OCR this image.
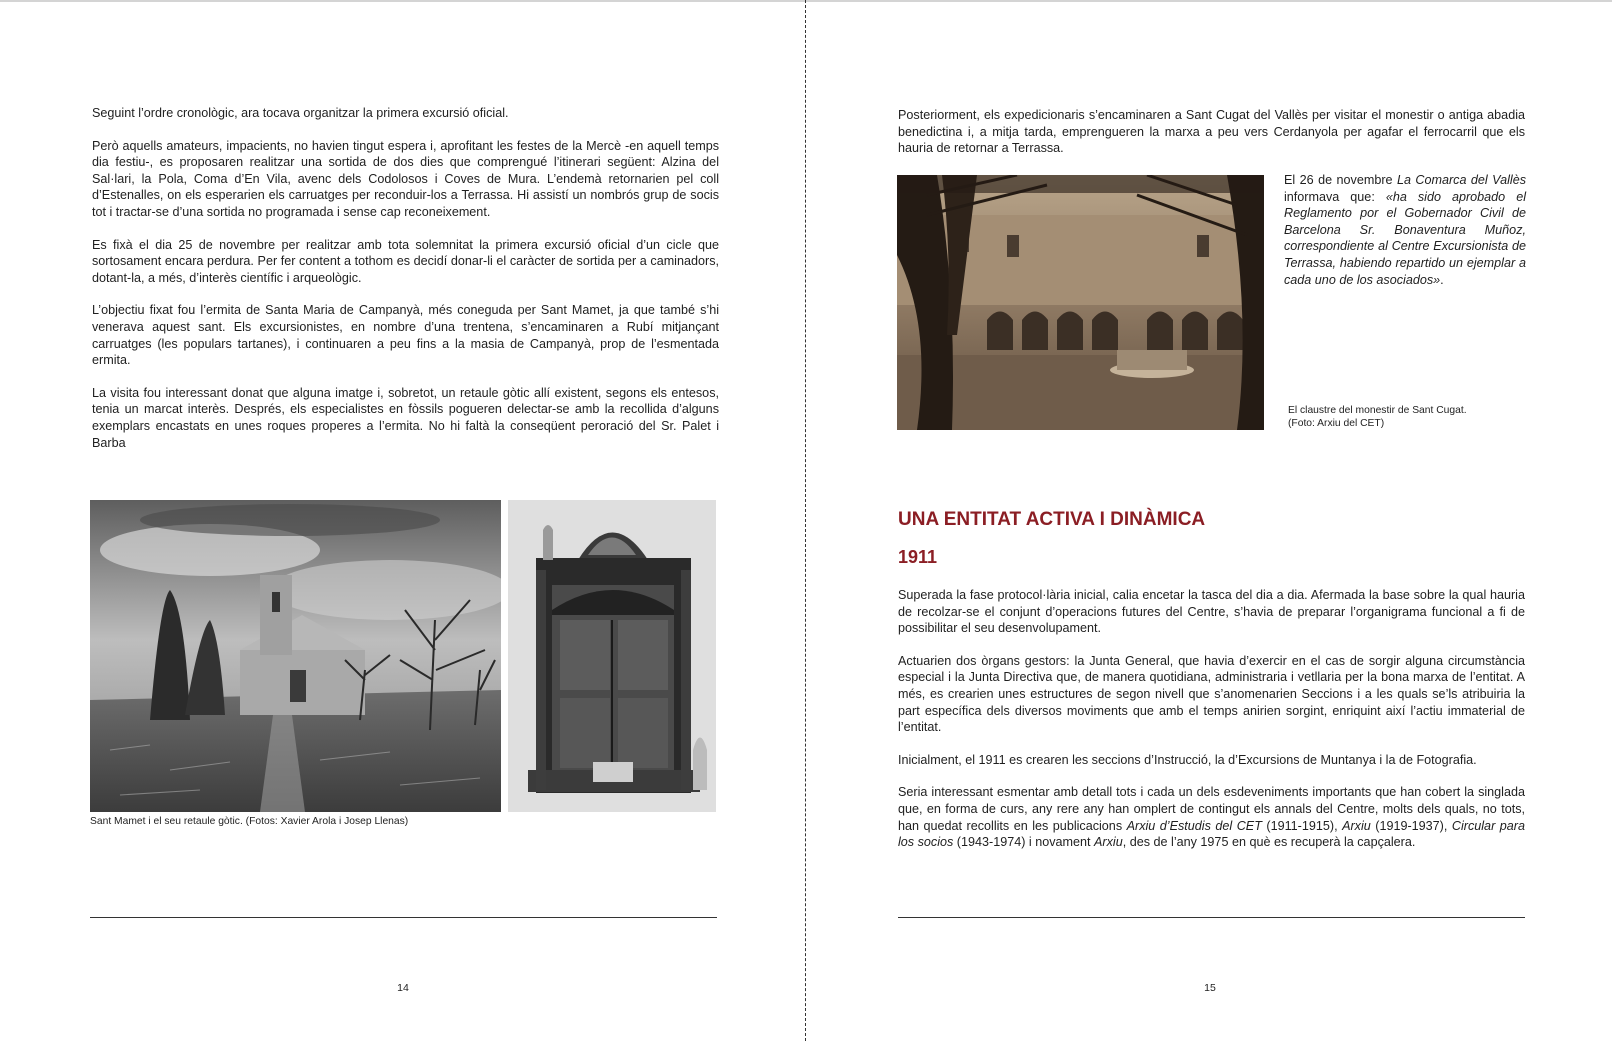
Seguint l’ordre cronològic, ara tocava organitzar la primera excursió oficial.

Però aquells amateurs, impacients, no havien tingut espera i, aprofitant les festes de la Mercè -en aquell temps dia festiu-, es proposaren realitzar una sortida de dos dies que comprengué l’itinerari següent: Alzina del Sal·lari, la Pola, Coma d’En Vila, avenc dels Codolosos i Coves de Mura. L’endemà retornarien pel coll d’Estenalles, on els esperarien els carruatges per reconduir-los a Terrassa. Hi assistí un nombrós grup de socis tot i tractar-se d’una sortida no programada i sense cap reconeixement.

Es fixà el dia 25 de novembre per realitzar amb tota solemnitat la primera excursió oficial d’un cicle que sortosament encara perdura. Per fer content a tothom es decidí donar-li el caràcter de sortida per a caminadors, dotant-la, a més, d’interès científic i arqueològic.

L’objectiu fixat fou l’ermita de Santa Maria de Campanyà, més coneguda per Sant Mamet, ja que també s’hi venerava aquest sant. Els excursionistes, en nombre d’una trentena, s’encaminaren a Rubí mitjançant carruatges (les populars tartanes), i continuaren a peu fins a la masia de Campanyà, prop de l’esmentada ermita.

La visita fou interessant donat que alguna imatge i, sobretot, un retaule gòtic allí existent, segons els entesos, tenia un marcat interès. Després, els especialistes en fòssils pogueren delectar-se amb la recollida d’alguns exemplars encastats en unes roques properes a l’ermita. No hi faltà la conseqüent peroració del Sr. Palet i Barba

Sant Mamet i el seu retaule gòtic. (Fotos: Xavier Arola i Josep Llenas)
14

Posteriorment, els expedicionaris s’encaminaren a Sant Cugat del Vallès per visitar el monestir o antiga abadia benedictina i, a mitja tarda, emprengueren la marxa a peu vers Cerdanyola per agafar el ferrocarril que els hauria de retornar a Terrassa.

El 26 de novembre La Comarca del Vallès informava que: «ha sido aprobado el Reglamento por el Gobernador Civil de Barcelona Sr. Bonaventura Muñoz, correspondiente al Centre Excursionista de Terrassa, habiendo repartido un ejemplar a cada uno de los asociados».
El claustre del monestir de Sant Cugat.
(Foto: Arxiu del CET)
UNA ENTITAT ACTIVA I DINÀMICA
1911

Superada la fase protocol·lària inicial, calia encetar la tasca del dia a dia. Afermada la base sobre la qual hauria de recolzar-se el conjunt d’operacions futures del Centre, s’havia de preparar l’organigrama funcional a fi de possibilitar el seu desenvolupament.

Actuarien dos òrgans gestors: la Junta General, que havia d’exercir en el cas de sorgir alguna circumstància especial i la Junta Directiva que, de manera quotidiana, administraria i vetllaria per la bona marxa de l’entitat. A més, es crearien unes estructures de segon nivell que s’anomenarien Seccions i a les quals se’ls atribuiria la part específica dels diversos moviments que amb el temps anirien sorgint, enriquint així l’actiu immaterial de l’entitat.

Inicialment, el 1911 es crearen les seccions d’Instrucció, la d’Excursions de Muntanya i la de Fotografia.

Seria interessant esmentar amb detall tots i cada un dels esdeveniments importants que han cobert la singlada que, en forma de curs, any rere any han omplert de contingut els annals del Centre, molts dels quals, no tots, han quedat recollits en les publicacions Arxiu d’Estudis del CET (1911-1915), Arxiu (1919-1937), Circular para los socios (1943-1974) i novament Arxiu, des de l’any 1975 en què es recuperà la capçalera.

15
